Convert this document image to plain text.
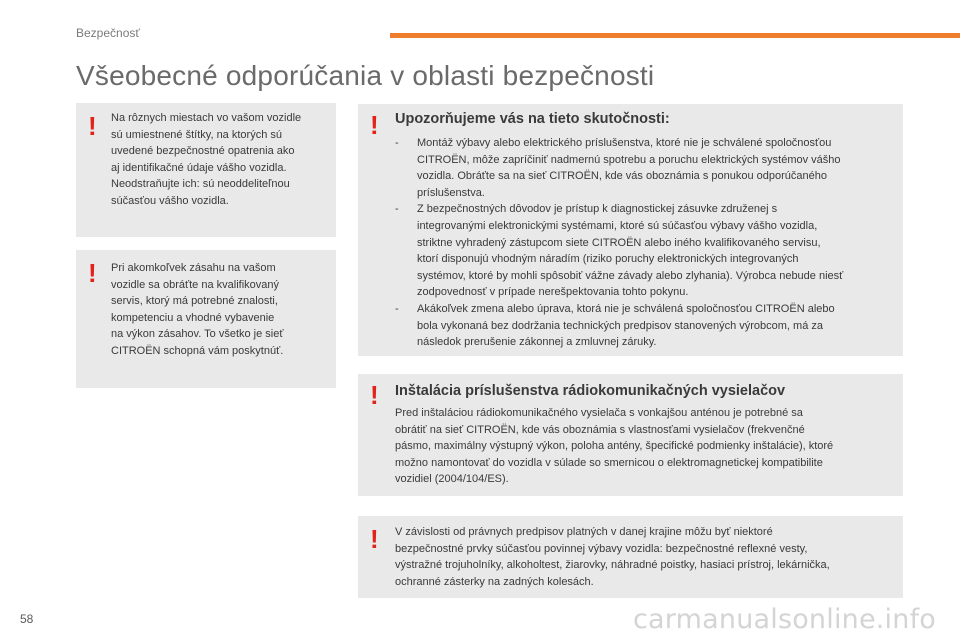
Bezpečnosť
Všeobecné odporúčania v oblasti bezpečnosti
! Na rôznych miestach vo vašom vozidle
sú umiestnené štítky, na ktorých sú
uvedené bezpečnostné opatrenia ako
aj identifikačné údaje vášho vozidla.
Neodstraňujte ich: sú neoddeliteľnou
súčasťou vášho vozidla.
! Pri akomkoľvek zásahu na vašom
vozidle sa obráťte na kvalifikovaný
servis, ktorý má potrebné znalosti,
kompetenciu a vhodné vybavenie
na výkon zásahov. To všetko je sieť
CITROËN schopná vám poskytnúť.
! Upozorňujeme vás na tieto skutočnosti:
- Montáž výbavy alebo elektrického príslušenstva, ktoré nie je schválené spoločnosťou
CITROËN, môže zapríčiniť nadmernú spotrebu a poruchu elektrických systémov vášho
vozidla. Obráťte sa na sieť CITROËN, kde vás oboznámia s ponukou odporúčaného
príslušenstva.
- Z bezpečnostných dôvodov je prístup k diagnostickej zásuvke združenej s
integrovanými elektronickými systémami, ktoré sú súčasťou výbavy vášho vozidla,
striktne vyhradený zástupcom siete CITROËN alebo iného kvalifikovaného servisu,
ktorí disponujú vhodným náradím (riziko poruchy elektronických integrovaných
systémov, ktoré by mohli spôsobiť vážne závady alebo zlyhania). Výrobca nebude niesť
zodpovednosť v prípade nerešpektovania tohto pokynu.
- Akákoľvek zmena alebo úprava, ktorá nie je schválená spoločnosťou CITROËN alebo
bola vykonaná bez dodržania technických predpisov stanovených výrobcom, má za
následok prerušenie zákonnej a zmluvnej záruky.
! Inštalácia príslušenstva rádiokomunikačných vysielačov
Pred inštaláciou rádiokomunikačného vysielača s vonkajšou anténou je potrebné sa
obrátiť na sieť CITROËN, kde vás oboznámia s vlastnosťami vysielačov (frekvenčné
pásmo, maximálny výstupný výkon, poloha antény, špecifické podmienky inštalácie), ktoré
možno namontovať do vozidla v súlade so smernicou o elektromagnetickej kompatibilite
vozidiel (2004/104/ES).
! V závislosti od právnych predpisov platných v danej krajine môžu byť niektoré
bezpečnostné prvky súčasťou povinnej výbavy vozidla: bezpečnostné reflexné vesty,
výstražné trojuholníky, alkoholtest, žiarovky, náhradné poistky, hasiaci prístroj, lekárnička,
ochranné zásterky na zadných kolesách.
58	carmanualsonline.info
